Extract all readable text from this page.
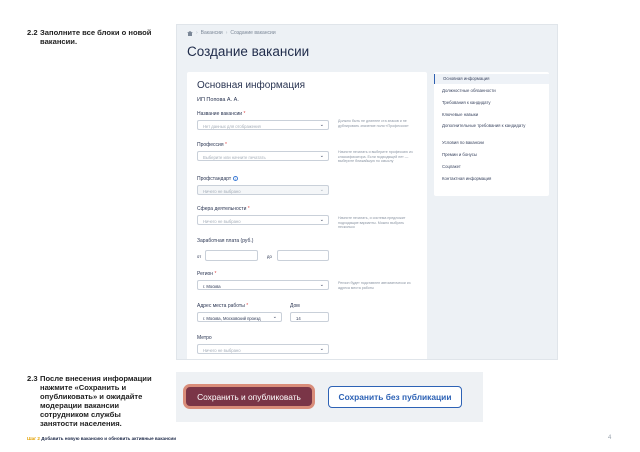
2.2 Заполните все блоки о новой
вакансии.
› Вакансии › Создание вакансии
Создание вакансии
Основная информация
ИП Попова А. А.
Название вакансии *
Нет данных для отображения	⌄
Должно быть не длиннее ста знаков и не дублировать значение поля «Профессия»
Профессия *
Выберите или начните печатать	⌄
Начните печатать и выберите профессию из классификатора. Если подходящей нет — выберите ближайшую по смыслу
Профстандарт i
Ничего не выбрано	⌄
Сфера деятельности *
Ничего не выбрано	⌄	Начните печатать, и система предложит подходящие варианты. Можно выбрать несколько
Заработная плата (руб.)
от	до
Регион *
г. Москва	⌄	Регион будет подставлен автоматически из адреса места работы
Адрес места работы *
г. Москва, Московский проезд ⌄
Дом
14
Метро
Ничего не выбрано	⌄
Основная информация
Должностные обязанности
Требования к кандидату
Ключевые навыки
Дополнительные требования к кандидату
Условия по вакансии
Премии и бонусы
Соцпакет
Контактная информация
2.3 После внесения информации
нажмите «Сохранить и
опубликовать» и ожидайте
модерации вакансии
сотрудником службы
занятости населения.
Сохранить и опубликовать	Сохранить без публикации
Шаг 2 Добавить новую вакансию и обновить активные вакансии	4
